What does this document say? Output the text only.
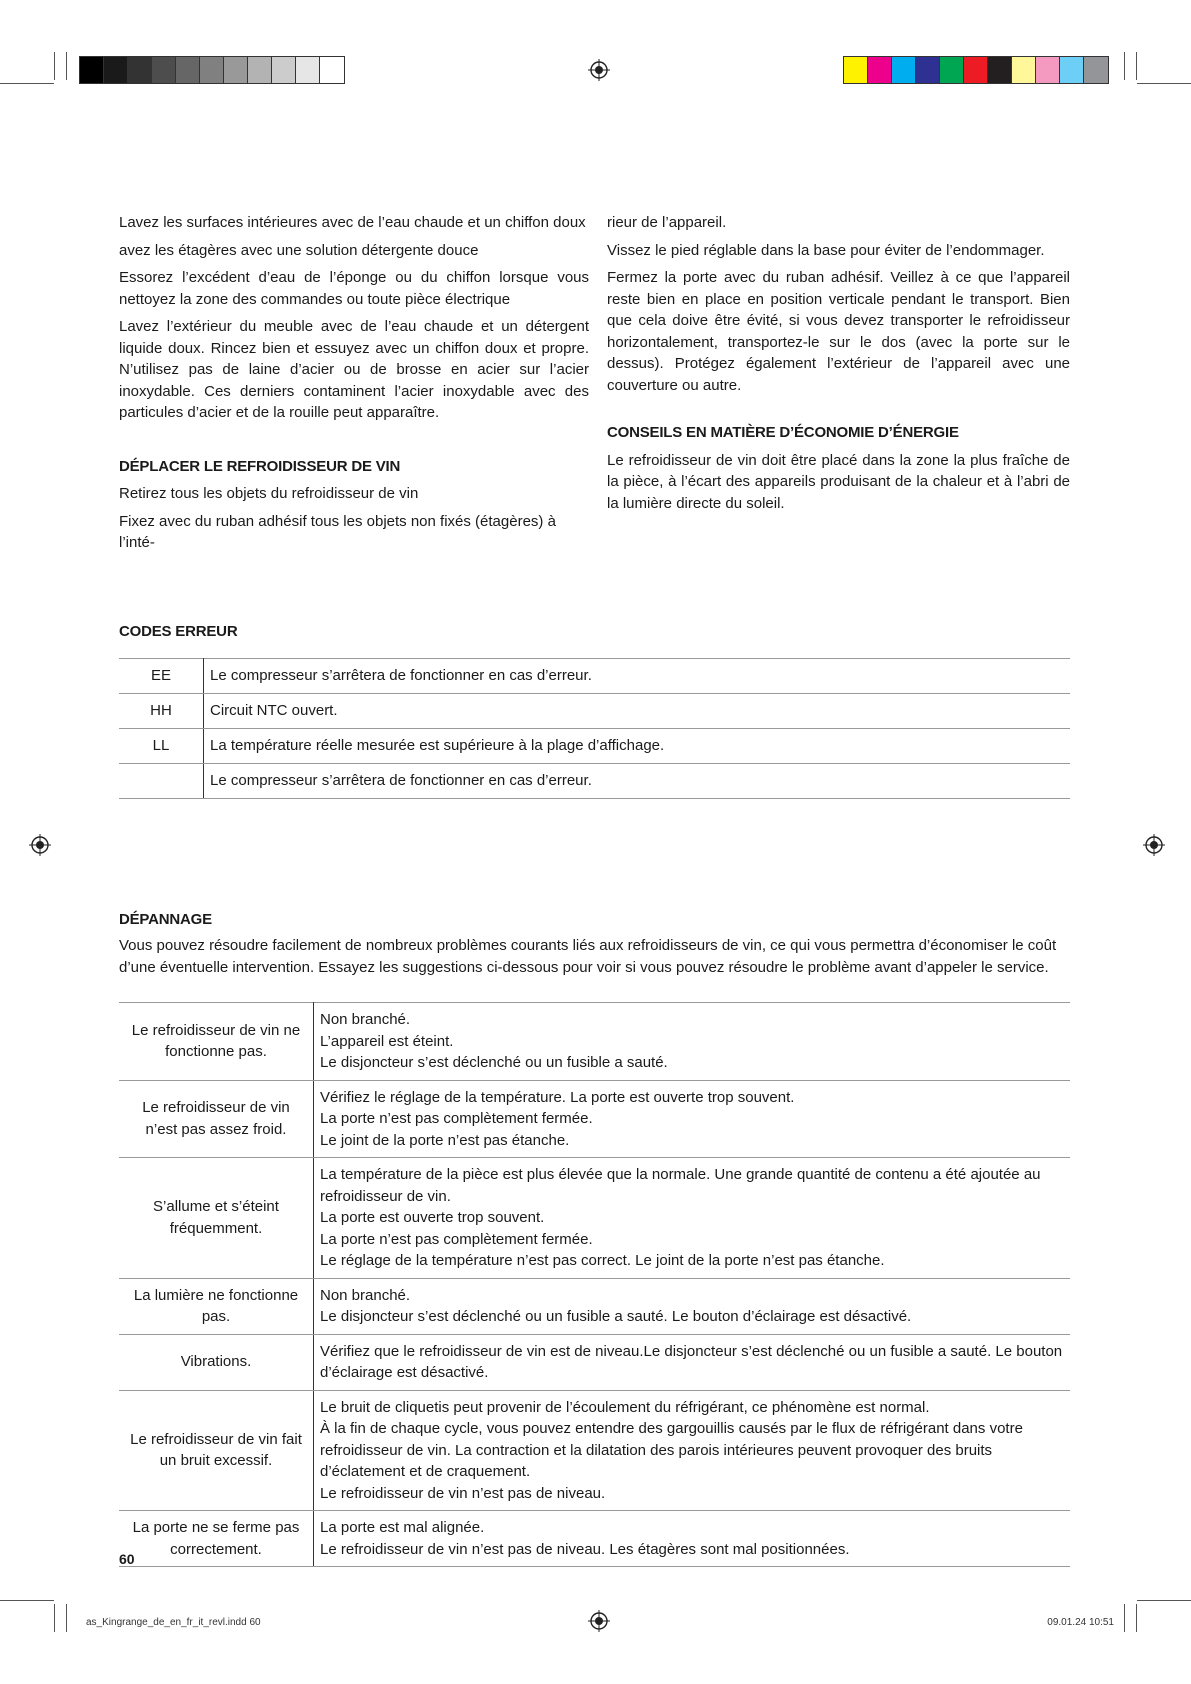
Lavez les surfaces intérieures avec de l’eau chaude et un chiffon doux

avez les étagères avec une solution détergente douce

Essorez l’excédent d’eau de l’éponge ou du chiffon lorsque vous nettoyez la zone des commandes ou toute pièce électrique

Lavez l’extérieur du meuble avec de l’eau chaude et un détergent liquide doux. Rincez bien et essuyez avec un chiffon doux et propre. N’utilisez pas de laine d’acier ou de brosse en acier sur l’acier inoxydable. Ces derniers contaminent l’acier inoxydable avec des particules d’acier et de la rouille peut apparaître.

DÉPLACER LE REFROIDISSEUR DE VIN

Retirez tous les objets du refroidisseur de vin

Fixez avec du ruban adhésif tous les objets non fixés (étagères) à l’inté-

rieur de l’appareil.

Vissez le pied réglable dans la base pour éviter de l’endommager.

Fermez la porte avec du ruban adhésif. Veillez à ce que l’appareil reste bien en place en position verticale pendant le transport. Bien que cela doive être évité, si vous devez transporter le refroidisseur horizontalement, transportez-le sur le dos (avec la porte sur le dessus). Protégez également l’extérieur de l’appareil avec une couverture ou autre.

CONSEILS EN MATIÈRE D’ÉCONOMIE D’ÉNERGIE

Le refroidisseur de vin doit être placé dans la zone la plus fraîche de la pièce, à l’écart des appareils produisant de la chaleur et à l’abri de la lumière directe du soleil.

CODES ERREUR
EE	Le compresseur s’arrêtera de fonctionner en cas d’erreur.
HH	Circuit NTC ouvert.
LL	La température réelle mesurée est supérieure à la plage d’affichage.
	Le compresseur s’arrêtera de fonctionner en cas d’erreur.
DÉPANNAGE

Vous pouvez résoudre facilement de nombreux problèmes courants liés aux refroidisseurs de vin, ce qui vous permettra d’économiser le coût d’une éventuelle intervention. Essayez les suggestions ci-dessous pour voir si vous pouvez résoudre le problème avant d’appeler le service.

Le refroidisseur de vin ne fonctionne pas.	Non branché.
L’appareil est éteint.
Le disjoncteur s’est déclenché ou un fusible a sauté.

Le refroidisseur de vin n’est pas assez froid.	Vérifiez le réglage de la température. La porte est ouverte trop souvent.
La porte n’est pas complètement fermée.
Le joint de la porte n’est pas étanche.

S’allume et s’éteint fréquemment.	La température de la pièce est plus élevée que la normale. Une grande quantité de contenu a été ajoutée au refroidisseur de vin.
La porte est ouverte trop souvent.
La porte n’est pas complètement fermée.
Le réglage de la température n’est pas correct. Le joint de la porte n’est pas étanche.

La lumière ne fonctionne pas.	Non branché.
Le disjoncteur s’est déclenché ou un fusible a sauté. Le bouton d’éclairage est désactivé.

Vibrations.	Vérifiez que le refroidisseur de vin est de niveau.Le disjoncteur s’est déclenché ou un fusible a sauté. Le bouton d’éclairage est désactivé.

Le refroidisseur de vin fait un bruit excessif.	Le bruit de cliquetis peut provenir de l’écoulement du réfrigérant, ce phénomène est normal.
À la fin de chaque cycle, vous pouvez entendre des gargouillis causés par le flux de réfrigérant dans votre refroidisseur de vin. La contraction et la dilatation des parois intérieures peuvent provoquer des bruits d’éclatement et de craquement.
Le refroidisseur de vin n’est pas de niveau.

La porte ne se ferme pas correctement.	La porte est mal alignée.
Le refroidisseur de vin n’est pas de niveau. Les étagères sont mal positionnées.
60
as_Kingrange_de_en_fr_it_revl.indd 60	09.01.24 10:51
